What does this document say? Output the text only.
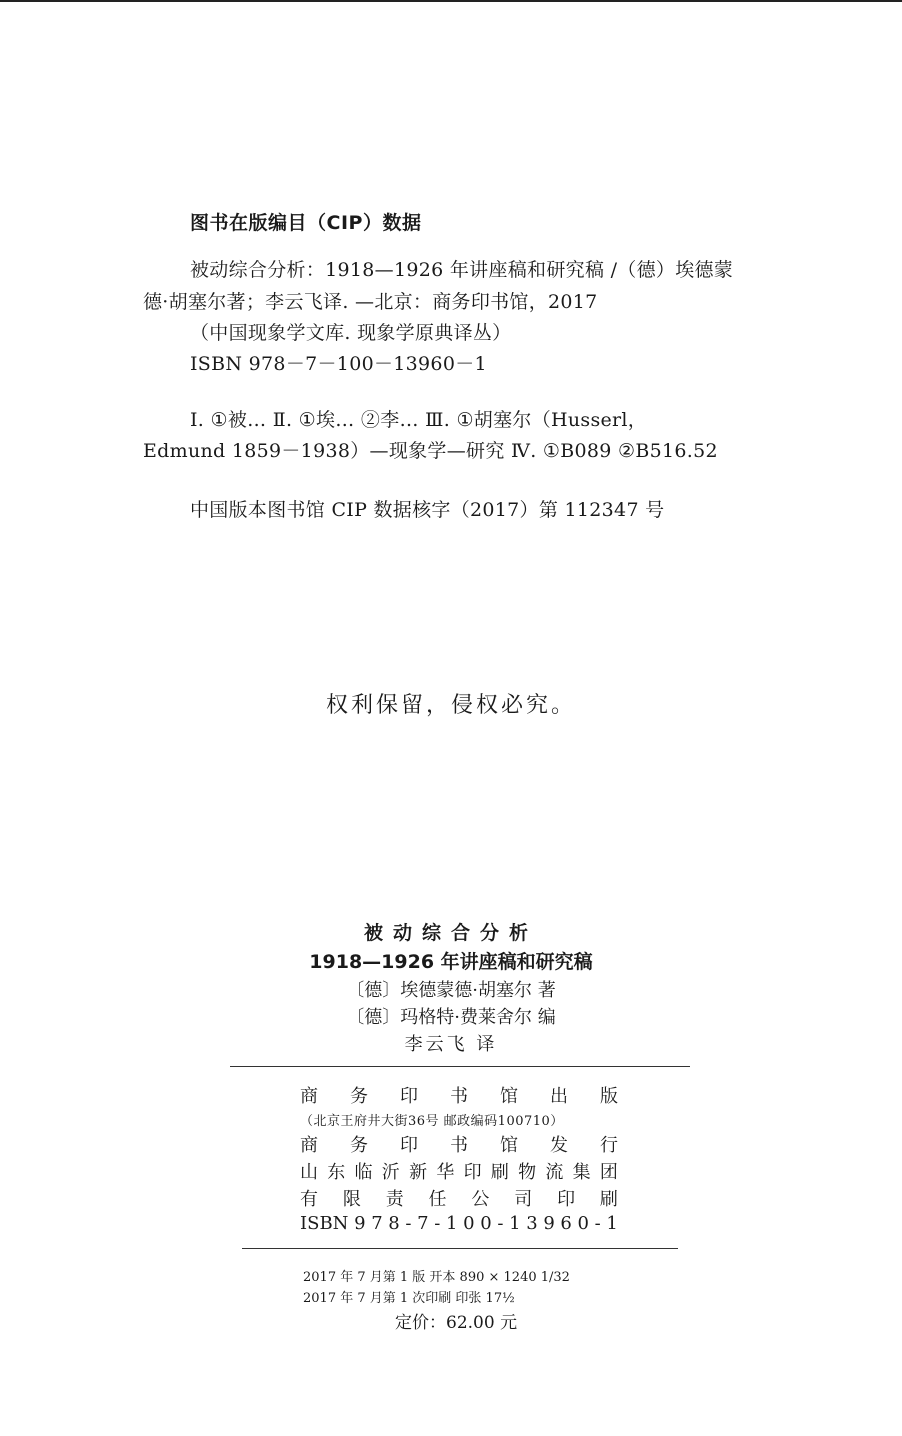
图书在版编目（CIP）数据
被动综合分析：1918—1926 年讲座稿和研究稿 /（德）埃德蒙
德·胡塞尔著；李云飞译. —北京：商务印书馆，2017
（中国现象学文库. 现象学原典译丛）
ISBN 978－7－100－13960－1
Ⅰ. ①被… Ⅱ. ①埃… ②李… Ⅲ. ①胡塞尔（Husserl，
Edmund 1859－1938）—现象学—研究 Ⅳ. ①B089 ②B516.52
中国版本图书馆 CIP 数据核字（2017）第 112347 号
权利保留，侵权必究。
被动综合分析
1918—1926 年讲座稿和研究稿
〔德〕埃德蒙德·胡塞尔 著
〔德〕玛格特·费莱舍尔 编
李云飞 译
商 务 印 书 馆 出 版
（北京王府井大街36号 邮政编码100710）
商 务 印 书 馆 发 行
山 东 临 沂 新 华 印 刷 物 流 集 团
有 限 责 任 公 司 印 刷
ISBN 9 7 8 - 7 - 1 0 0 - 1 3 9 6 0 - 1
2017 年 7 月第 1 版 开本 890 × 1240 1/32
2017 年 7 月第 1 次印刷 印张 17½
定价：62.00 元
